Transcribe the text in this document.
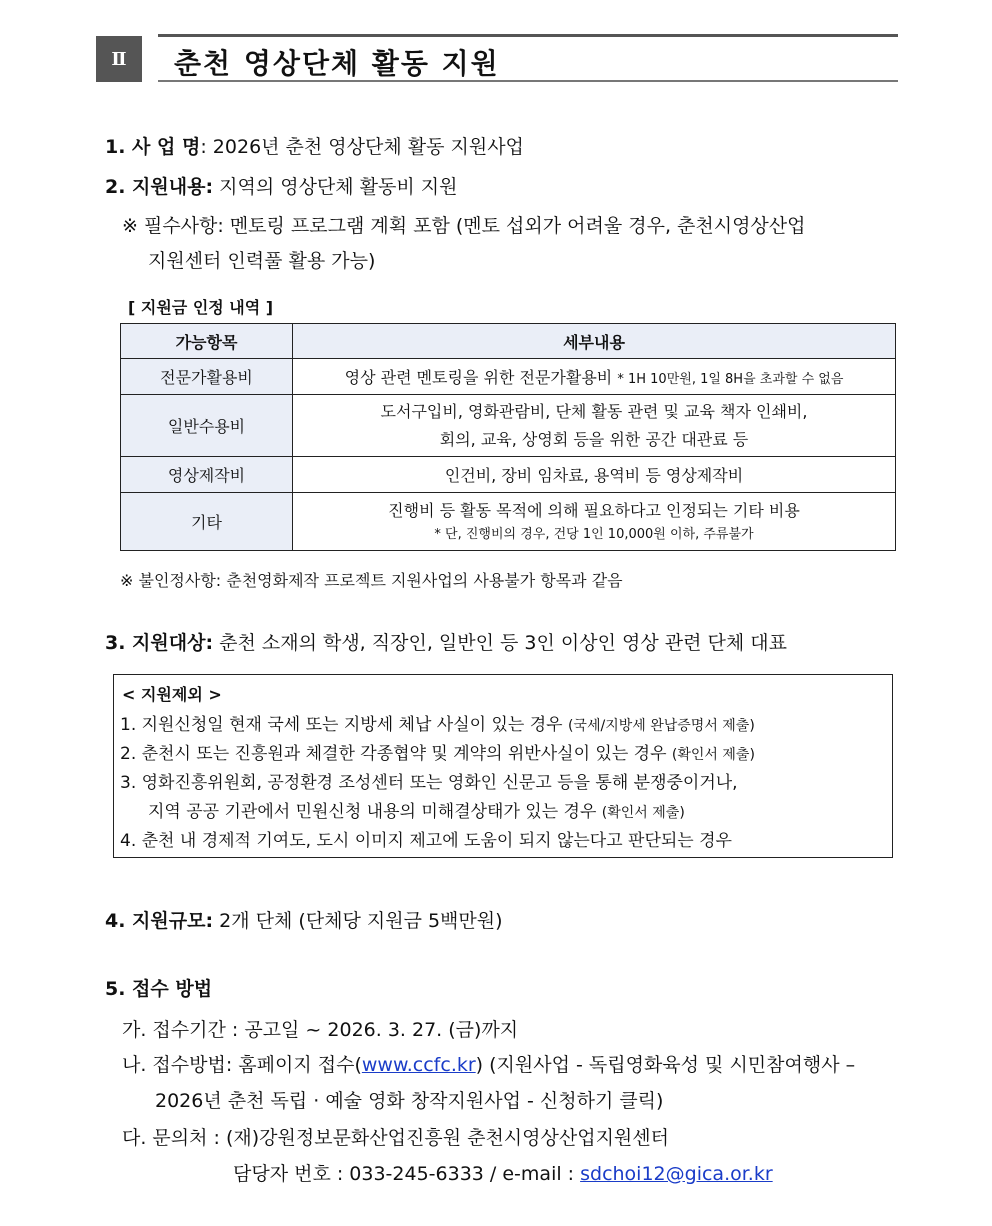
Ⅱ 춘천 영상단체 활동 지원
1. 사 업 명: 2026년 춘천 영상단체 활동 지원사업
2. 지원내용: 지역의 영상단체 활동비 지원
※ 필수사항: 멘토링 프로그램 계획 포함 (멘토 섭외가 어려울 경우, 춘천시영상산업
지원센터 인력풀 활용 가능)
[ 지원금 인정 내역 ]
가능항목	세부내용
전문가활용비	영상 관련 멘토링을 위한 전문가활용비 * 1H 10만원, 1일 8H을 초과할 수 없음
일반수용비	도서구입비, 영화관람비, 단체 활동 관련 및 교육 책자 인쇄비,
회의, 교육, 상영회 등을 위한 공간 대관료 등

영상제작비	인건비, 장비 임차료, 용역비 등 영상제작비
기타	진행비 등 활동 목적에 의해 필요하다고 인정되는 기타 비용
* 단, 진행비의 경우, 건당 1인 10,000원 이하, 주류불가
※ 불인정사항: 춘천영화제작 프로젝트 지원사업의 사용불가 항목과 같음
3. 지원대상: 춘천 소재의 학생, 직장인, 일반인 등 3인 이상인 영상 관련 단체 대표
< 지원제외 >
1. 지원신청일 현재 국세 또는 지방세 체납 사실이 있는 경우 (국세/지방세 완납증명서 제출)
2. 춘천시 또는 진흥원과 체결한 각종협약 및 계약의 위반사실이 있는 경우 (확인서 제출)
3. 영화진흥위원회, 공정환경 조성센터 또는 영화인 신문고 등을 통해 분쟁중이거나,
지역 공공 기관에서 민원신청 내용의 미해결상태가 있는 경우 (확인서 제출)
4. 춘천 내 경제적 기여도, 도시 이미지 제고에 도움이 되지 않는다고 판단되는 경우
4. 지원규모: 2개 단체 (단체당 지원금 5백만원)
5. 접수 방법
가. 접수기간 : 공고일 ~ 2026. 3. 27. (금)까지
나. 접수방법: 홈페이지 접수(www.ccfc.kr) (지원사업 - 독립영화육성 및 시민참여행사 –
2026년 춘천 독립 · 예술 영화 창작지원사업 - 신청하기 클릭)
다. 문의처 : (재)강원정보문화산업진흥원 춘천시영상산업지원센터
담당자 번호 : 033-245-6333 / e-mail : sdchoi12@gica.or.kr
